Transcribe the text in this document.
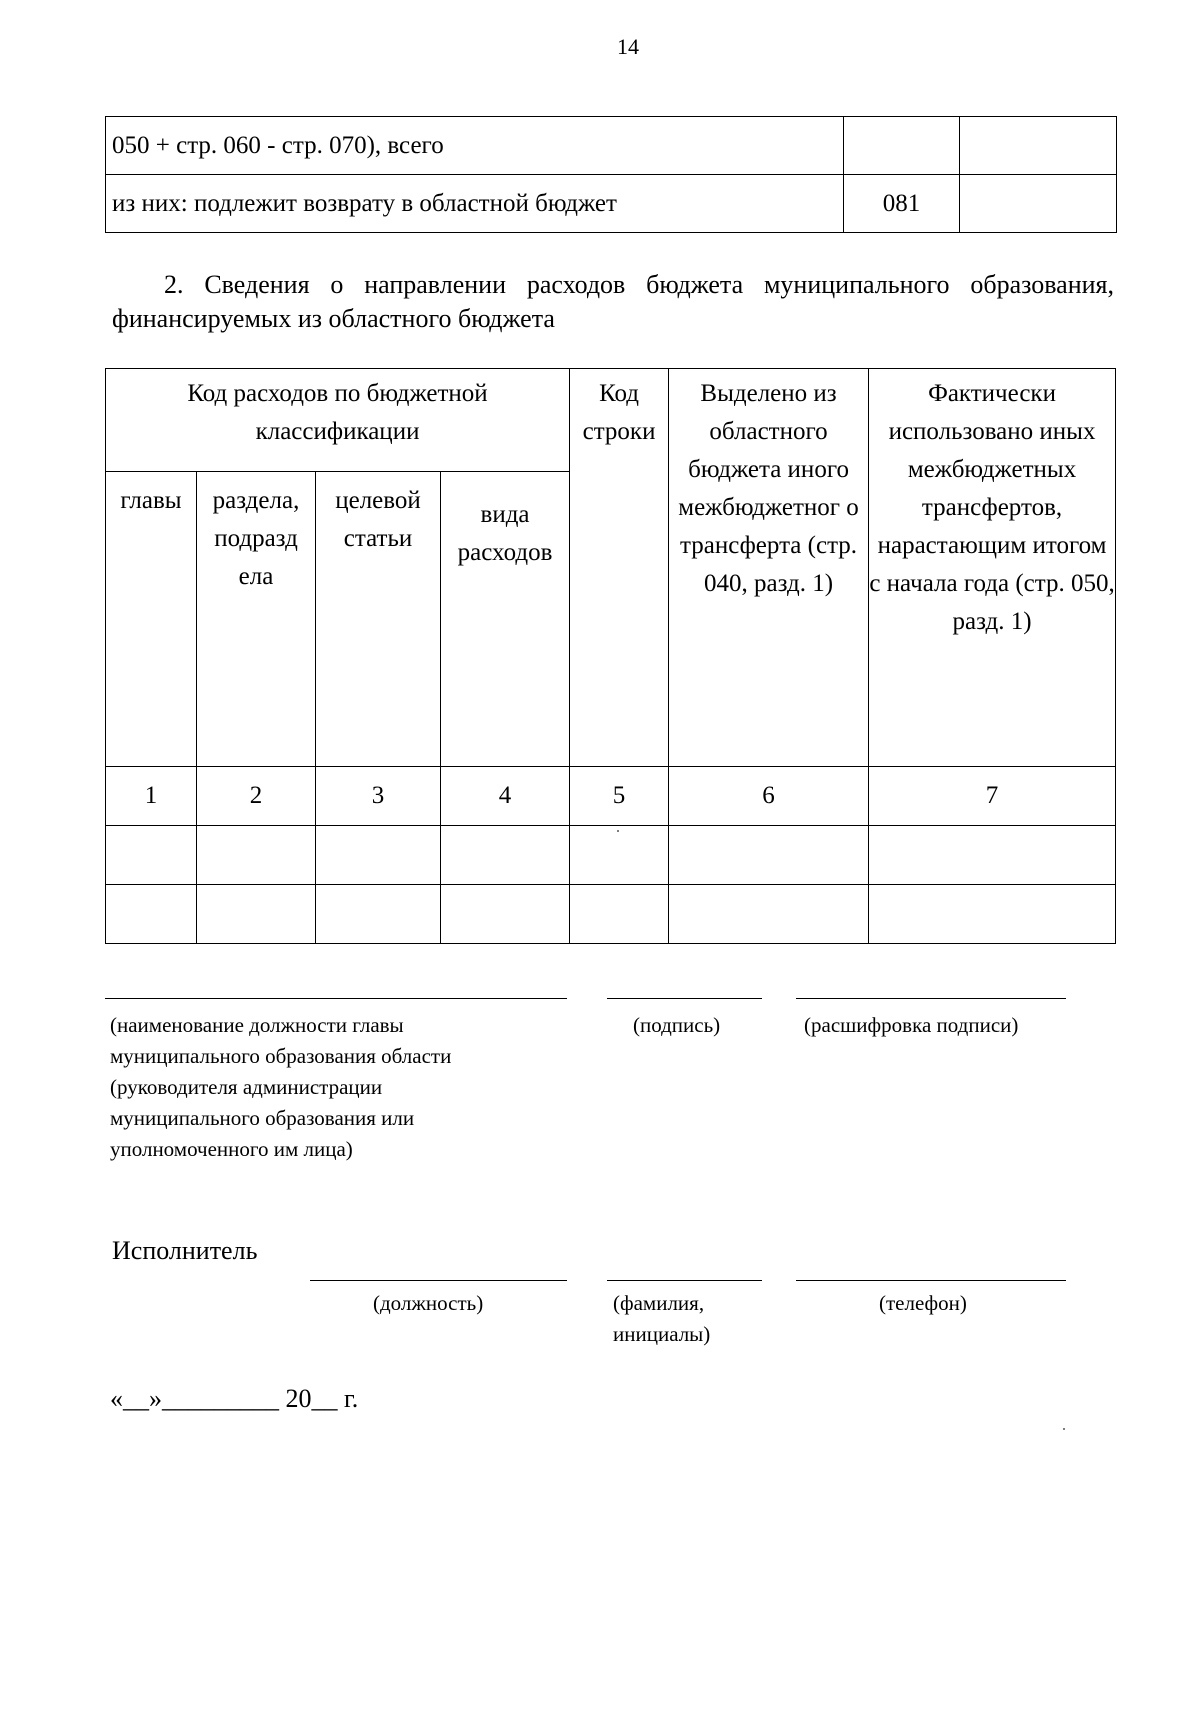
14
050 + стр. 060 - стр. 070), всего		
из них: подлежит возврату в областной бюджет	081	
2. Сведения о направлении расходов бюджета муниципального образования, финансируемых из областного бюджета
Код расходов по бюджетной классификации				Код строки	Выделено из областного бюджета иного межбюджетног о трансферта (стр. 040, разд. 1)	Фактически использовано иных межбюджетных трансфертов, нарастающим итогом с начала года (стр. 050, разд. 1)
главы	раздела, подразд ела	целевой статьи	вида расходов			
1	2	3	4	5	6	7

(наименование должности главы муниципального образования области (руководителя администрации муниципального образования или уполномоченного им лица)
(подпись)	(расшифровка подписи)
Исполнитель
(должность)	(фамилия, инициалы)
(телефон)
«__»_________ 20__ г.
